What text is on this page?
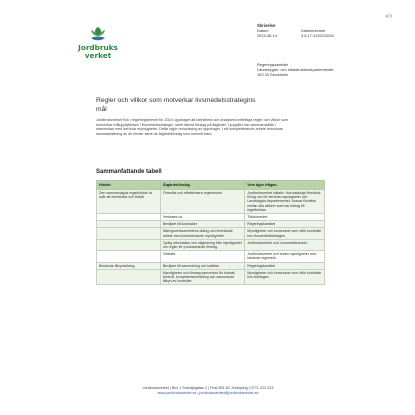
1(7)
Jordbruks
verket
Skrivelse
Datum	Diarienummer
2024-06-14	3.5.17-01521/2024
Regeringskansliet
Landsbygds- och infrastrukturdepartementet
103 33 Stockholm
Regler och villkor som motverkar livsmedelsstrategins mål
Jordbruksverket fick i regleringsbrevet för 2024 uppdraget att identifiera och analysera befintliga regler och villkor som motverkar måluppfyllelsen i livsmedelsstrategin, samt lämna förslag på åtgärder. Uppgifter har sammanställts i samverkan med berörda myndigheter. Detta utgör redovisning av uppdraget. I ett kompletterande arbete redovisas sammanfattning av de hinder samt de åtgärdsförslag som kommit fram.
Sammanfattande tabell
Hinder	Åtgärdsförslag	Vem äger frågan
Den sammanlagda regelbördan är svår att överblicka och förstå	Förenkla och effektivisera regelverken.	Jordbruksverket initiativ. Huvudsakligt förenklat: till sig och för berörda myndigheter och Landsbygds-departementet. Ansvar fördelas mellan alla aktörer som har bidrag till regelbördan.
	Verksamt ca	Tillväxtverket
	Beviljare till kostnader	Regeringskansliet
	Näringsverksamhetens dialog och förenklade arbete med kontrollerande myndigheter.	Myndigheter och kommuner som utför kontroller hos livsmedelsföretagen.
	Tydlig information och vägledning från myndigheter om regler för producerande företag.	Jordbruksverket och Livsmedelsverket.
	Vidtalas	Jordbruksverket och andra myndigheter som hanterar regelverk.
Bristande tillsynsdialog	Beviljare till samordning och kallelse.	Regeringskansliet
	Myndigheter och företag samverkar för fortsatt kontroll, kompetensutveckling och samordnad tillsyn av kontroller.	Myndigheter och kommuner som utför kontroller hos företagen.
Jordbruksverket | Box 1 Smedjegatan 2 | Post 551 82 Jönköping | 0771-223 223
www.jordbruksverket.se | jordbruksverket@jordbruksverket.se
